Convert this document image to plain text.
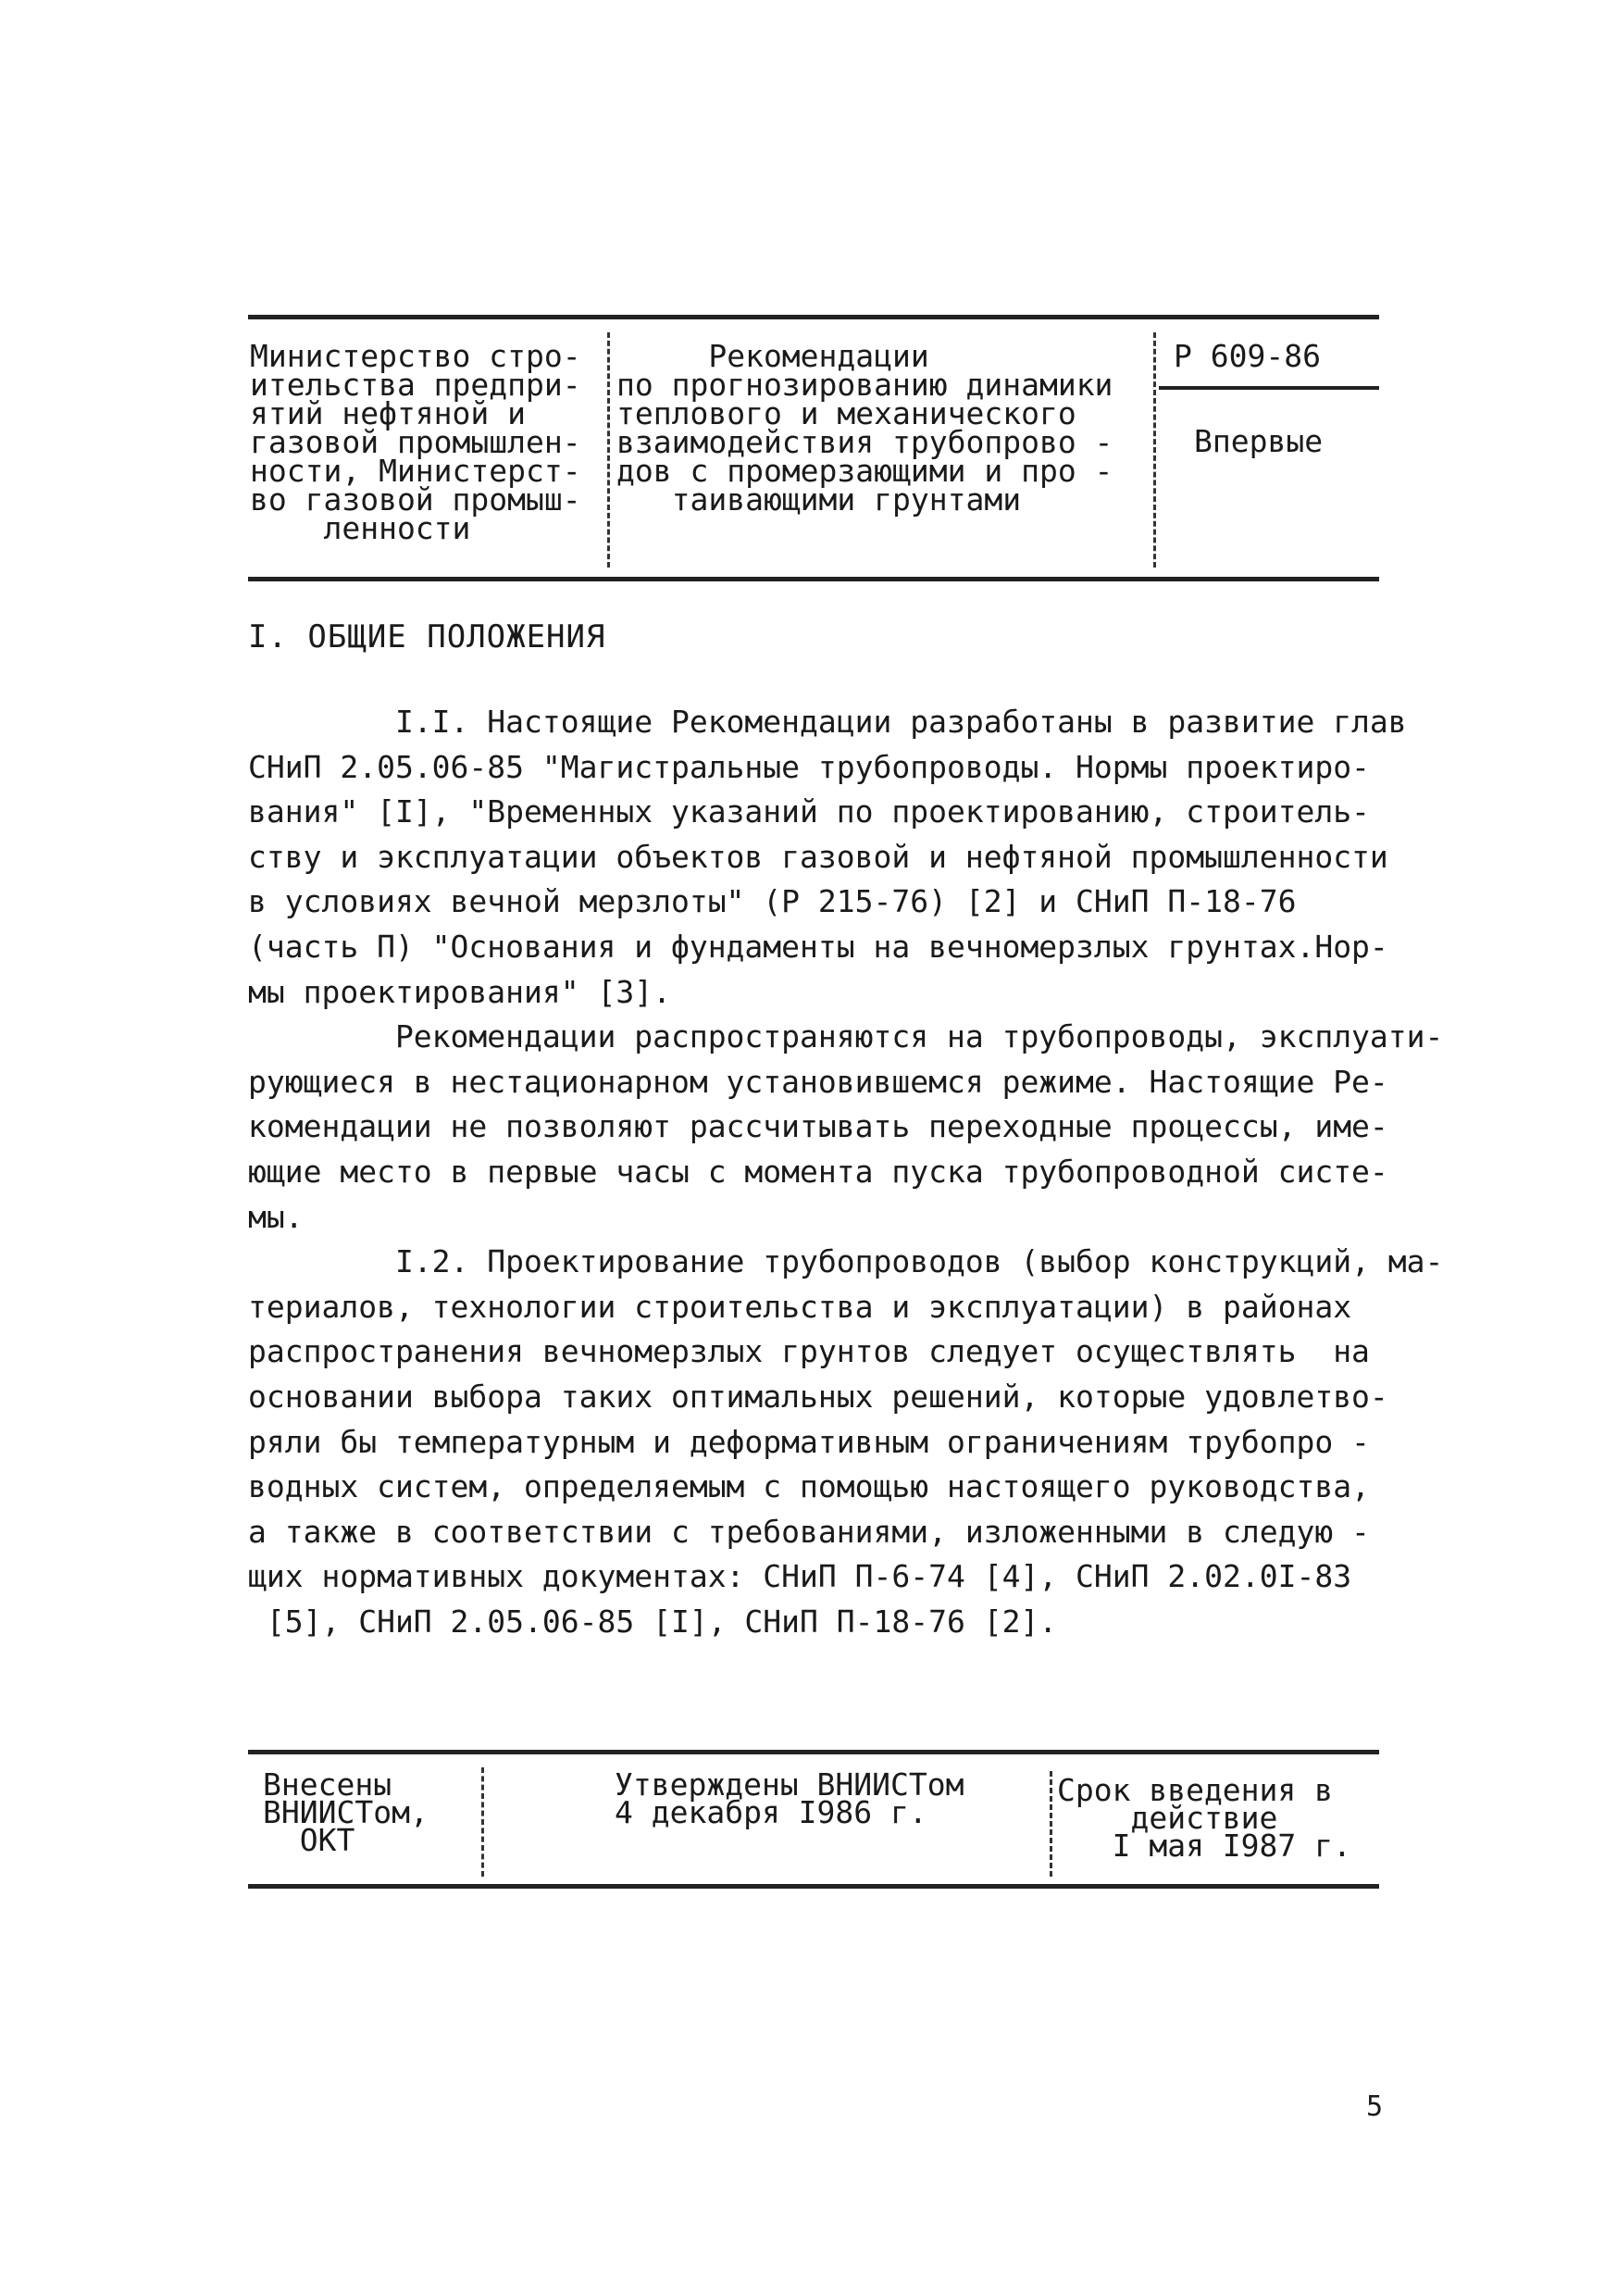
Министерство стро-
ительства предпри-
ятий нефтяной и
газовой промышлен-
ности, Министерст-
во газовой промыш-
ленности
Рекомендации
по прогнозированию динамики
теплового и механического
взаимодействия трубопрово -
дов с промерзающими и про -
таивающими грунтами
Р 609-86
Впервые
I. ОБЩИЕ ПОЛОЖЕНИЯ
I.I. Настоящие Рекомендации разработаны в развитие глав
СНиП 2.05.06-85 "Магистральные трубопроводы. Нормы проектиро-
вания" [I], "Временных указаний по проектированию, строитель-
ству и эксплуатации объектов газовой и нефтяной промышленности
в условиях вечной мерзлоты" (Р 215-76) [2] и СНиП П-18-76
(часть П) "Основания и фундаменты на вечномерзлых грунтах.Нор-
мы проектирования" [3].
Рекомендации распространяются на трубопроводы, эксплуати-
рующиеся в нестационарном установившемся режиме. Настоящие Ре-
комендации не позволяют рассчитывать переходные процессы, име-
ющие место в первые часы с момента пуска трубопроводной систе-
мы.
I.2. Проектирование трубопроводов (выбор конструкций, ма-
териалов, технологии строительства и эксплуатации) в районах
распространения вечномерзлых грунтов следует осуществлять  на
основании выбора таких оптимальных решений, которые удовлетво-
ряли бы температурным и деформативным ограничениям трубопро -
водных систем, определяемым с помощью настоящего руководства,
а также в соответствии с требованиями, изложенными в следую -
щих нормативных документах: СНиП П-6-74 [4], СНиП 2.02.0I-83
[5], СНиП 2.05.06-85 [I], СНиП П-18-76 [2].
Внесены
ВНИИСТом,
ОКТ
Утверждены ВНИИСТом
4 декабря I986 г.
Срок введения в
действие
I мая I987 г.
5
